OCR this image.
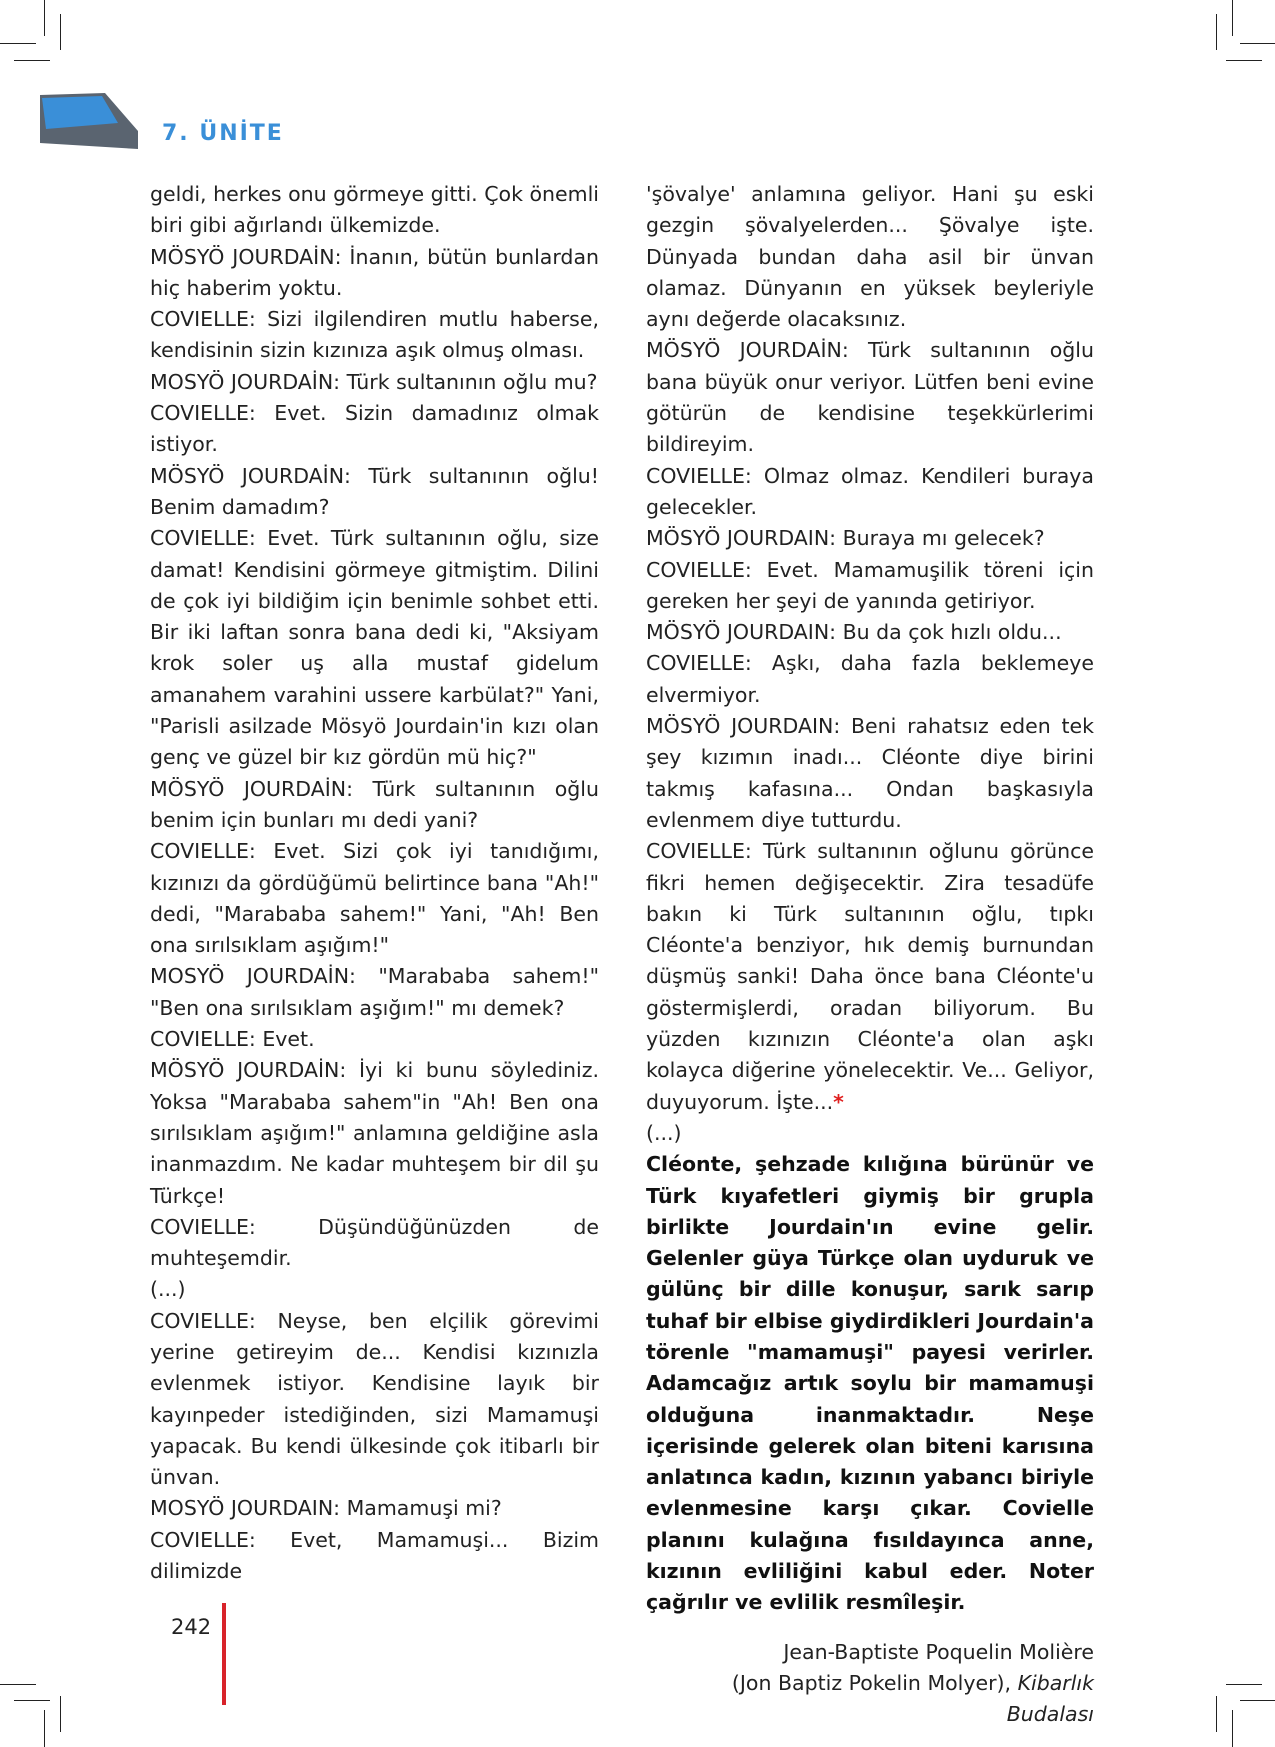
7. ÜNİTE

geldi, herkes onu görmeye gitti. Çok önemli biri gibi ağırlandı ülkemizde.

MÖSYÖ JOURDAİN: İnanın, bütün bunlardan hiç haberim yoktu.

COVIELLE: Sizi ilgilendiren mutlu haberse, kendisinin sizin kızınıza aşık olmuş olması.

MOSYÖ JOURDAİN: Türk sultanının oğlu mu?

COVIELLE: Evet. Sizin damadınız olmak istiyor.

MÖSYÖ JOURDAİN: Türk sultanının oğlu! Benim damadım?

COVIELLE: Evet. Türk sultanının oğlu, size damat! Kendisini görmeye gitmiştim. Dilini de çok iyi bildiğim için benimle sohbet etti. Bir iki laftan sonra bana dedi ki, "Aksiyam krok soler uş alla mustaf gidelum amanahem varahini ussere karbülat?" Yani, "Parisli asilzade Mösyö Jourdain'in kızı olan genç ve güzel bir kız gördün mü hiç?"

MÖSYÖ JOURDAİN: Türk sultanının oğlu benim için bunları mı dedi yani?

COVIELLE: Evet. Sizi çok iyi tanıdığımı, kızınızı da gördüğümü belirtince bana "Ah!" dedi, "Marababa sahem!" Yani, "Ah! Ben ona sırılsıklam aşığım!"

MOSYÖ JOURDAİN: "Marababa sahem!" "Ben ona sırılsıklam aşığım!" mı demek?

COVIELLE: Evet.

MÖSYÖ JOURDAİN: İyi ki bunu söylediniz. Yoksa "Marababa sahem"in "Ah! Ben ona sırılsıklam aşığım!" anlamına geldiğine asla inanmazdım. Ne kadar muhteşem bir dil şu Türkçe!

COVIELLE: Düşündüğünüzden de muhteşemdir.

(...)

COVIELLE: Neyse, ben elçilik görevimi yerine getireyim de... Kendisi kızınızla evlenmek istiyor. Kendisine layık bir kayınpeder istediğinden, sizi Mamamuşi yapacak. Bu kendi ülkesinde çok itibarlı bir ünvan.

MOSYÖ JOURDAIN: Mamamuşi mi?

COVIELLE: Evet, Mamamuşi... Bizim dilimizde

'şövalye' anlamına geliyor. Hani şu eski gezgin şövalyelerden... Şövalye işte. Dünyada bundan daha asil bir ünvan olamaz. Dünyanın en yüksek beyleriyle aynı değerde olacaksınız.

MÖSYÖ JOURDAİN: Türk sultanının oğlu bana büyük onur veriyor. Lütfen beni evine götürün de kendisine teşekkürlerimi bildireyim.

COVIELLE: Olmaz olmaz. Kendileri buraya gelecekler.

MÖSYÖ JOURDAIN: Buraya mı gelecek?

COVIELLE: Evet. Mamamuşilik töreni için gereken her şeyi de yanında getiriyor.

MÖSYÖ JOURDAIN: Bu da çok hızlı oldu...

COVIELLE: Aşkı, daha fazla beklemeye elvermiyor.

MÖSYÖ JOURDAIN: Beni rahatsız eden tek şey kızımın inadı... Cléonte diye birini takmış kafasına... Ondan başkasıyla evlenmem diye tutturdu.

COVIELLE: Türk sultanının oğlunu görünce fikri hemen değişecektir. Zira tesadüfe bakın ki Türk sultanının oğlu, tıpkı Cléonte'a benziyor, hık demiş burnundan düşmüş sanki! Daha önce bana Cléonte'u göstermişlerdi, oradan biliyorum. Bu yüzden kızınızın Cléonte'a olan aşkı kolayca diğerine yönelecektir. Ve... Geliyor, duyuyorum. İşte...*

(...)

Cléonte, şehzade kılığına bürünür ve Türk kıyafetleri giymiş bir grupla birlikte Jourdain'ın evine gelir. Gelenler güya Türkçe olan uyduruk ve gülünç bir dille konuşur, sarık sarıp tuhaf bir elbise giydirdikleri Jourdain'a törenle "mamamuşi" payesi verirler. Adamcağız artık soylu bir mamamuşi olduğuna inanmaktadır. Neşe içerisinde gelerek olan biteni karısına anlatınca kadın, kızının yabancı biriyle evlenmesine karşı çıkar. Covielle planını kulağına fısıldayınca anne, kızının evliliğini kabul eder. Noter çağrılır ve evlilik resmîleşir.

Jean-Baptiste Poquelin Molière
(Jon Baptiz Pokelin Molyer), Kibarlık Budalası
242
